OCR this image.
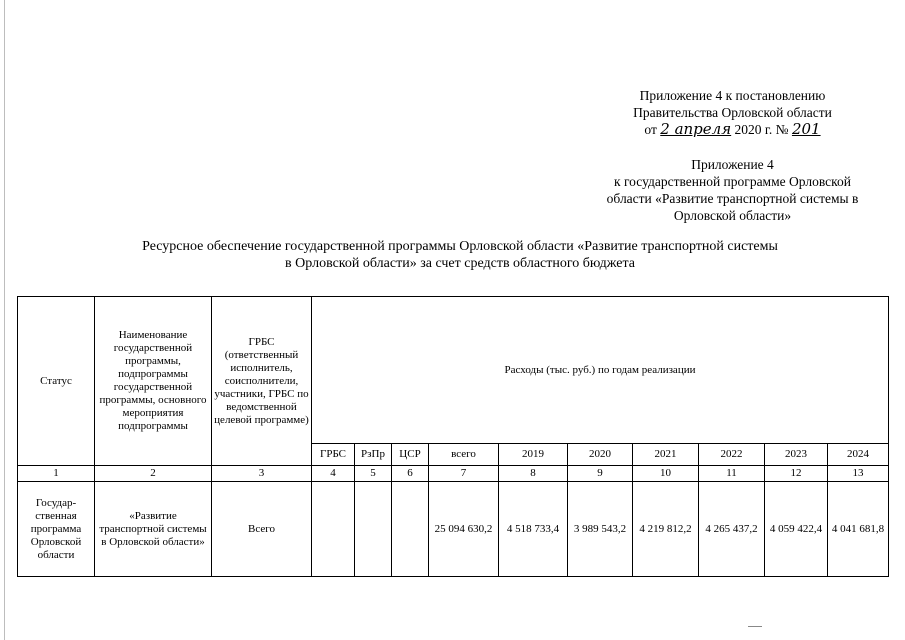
Приложение 4 к постановлению
Правительства Орловской области
от 2 апреля 2020 г. № 201
Приложение 4
к государственной программе Орловской
области «Развитие транспортной системы в
Орловской области»
Ресурсное обеспечение государственной программы Орловской области «Развитие транспортной системы
в Орловской области» за счет средств областного бюджета
Статус	Наименование государственной программы, подпрограммы государственной программы, основного мероприятия подпрограммы	ГРБС (ответственный исполнитель, соисполнители, участники, ГРБС по ведомственной целевой программе)	Расходы (тыс. руб.) по годам реализации									
			ГРБС	РзПр	ЦСР	всего	2019	2020	2021	2022	2023	2024
1	2	3	4	5	6	7	8	9	10	11	12	13
Государ-ственная программа Орловской области	«Развитие транспортной системы в Орловской области»	Всего				25 094 630,2	4 518 733,4	3 989 543,2	4 219 812,2	4 265 437,2	4 059 422,4	4 041 681,8
